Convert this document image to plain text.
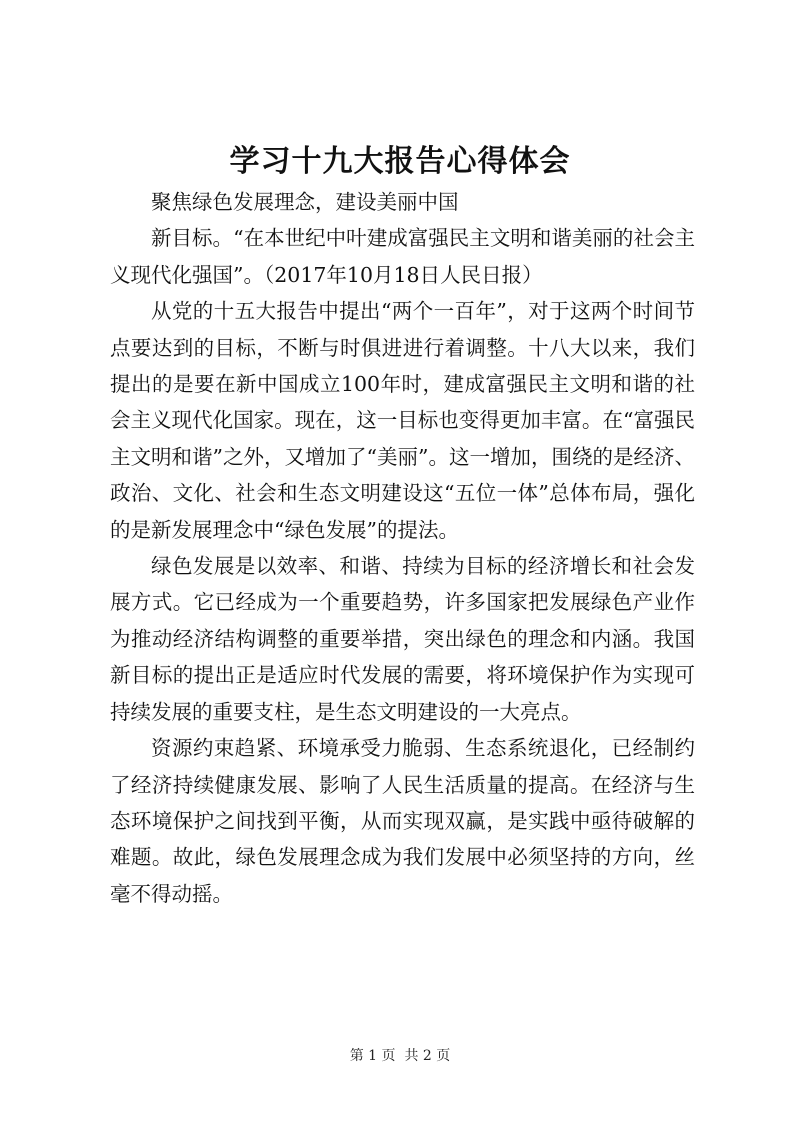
学习十九大报告心得体会

聚焦绿色发展理念，建设美丽中国

新目标。“在本世纪中叶建成富强民主文明和谐美丽的社会主义现代化强国”。（2017年10月18日人民日报）

从党的十五大报告中提出“两个一百年”，对于这两个时间节点要达到的目标，不断与时俱进进行着调整。十八大以来，我们提出的是要在新中国成立100年时，建成富强民主文明和谐的社会主义现代化国家。现在，这一目标也变得更加丰富。在“富强民主文明和谐”之外，又增加了“美丽”。这一增加，围绕的是经济、政治、文化、社会和生态文明建设这“五位一体”总体布局，强化的是新发展理念中“绿色发展”的提法。

绿色发展是以效率、和谐、持续为目标的经济增长和社会发展方式。它已经成为一个重要趋势，许多国家把发展绿色产业作为推动经济结构调整的重要举措，突出绿色的理念和内涵。我国新目标的提出正是适应时代发展的需要，将环境保护作为实现可持续发展的重要支柱，是生态文明建设的一大亮点。

资源约束趋紧、环境承受力脆弱、生态系统退化，已经制约了经济持续健康发展、影响了人民生活质量的提高。在经济与生态环境保护之间找到平衡，从而实现双赢，是实践中亟待破解的难题。故此，绿色发展理念成为我们发展中必须坚持的方向，丝毫不得动摇。

第 1 页  共 2 页
